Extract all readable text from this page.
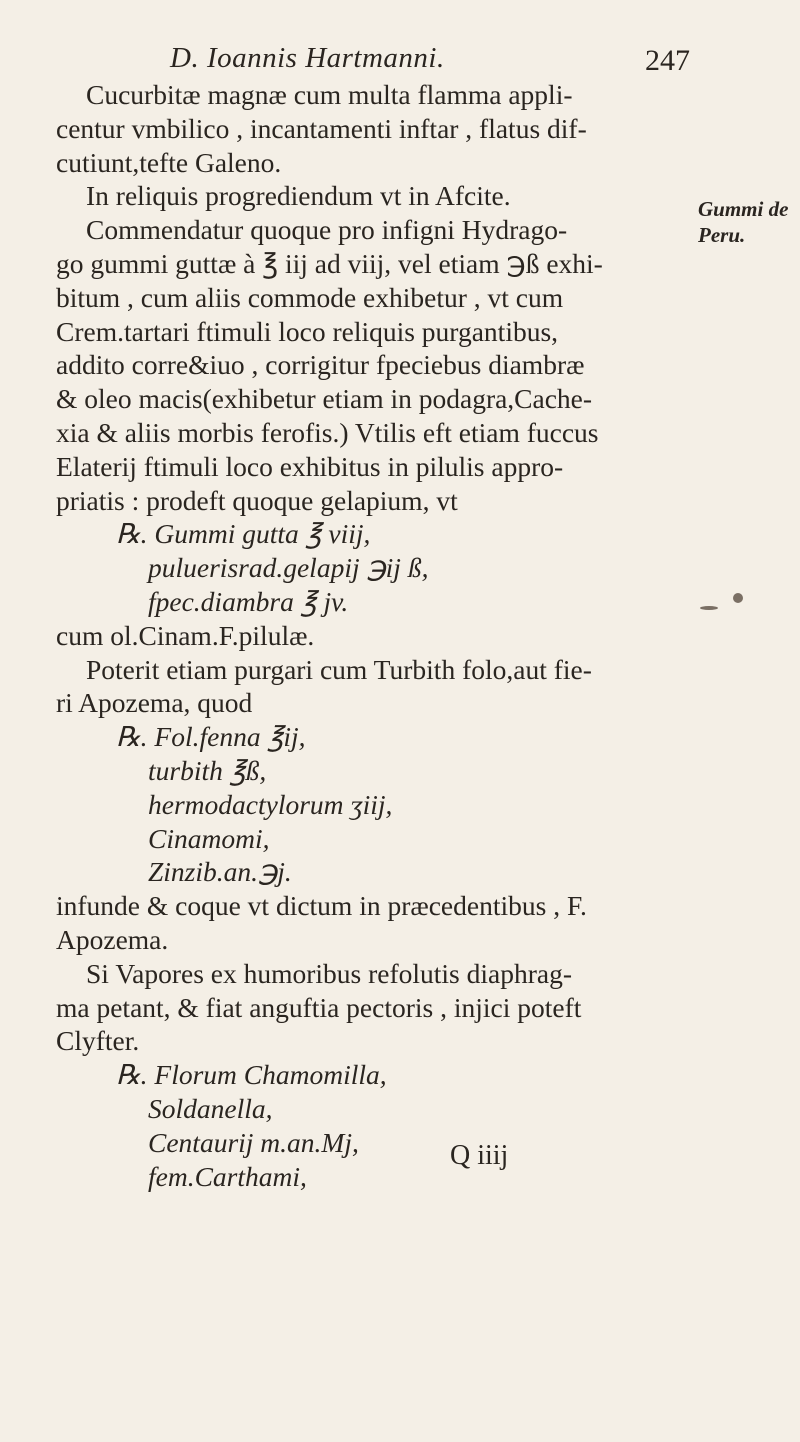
D. Ioannis Hartmanni.	247
Cucurbitæ magnæ cum multa flamma appli-
centur vmbilico , incantamenti inftar , flatus dif-
cutiunt,tefte Galeno.
In reliquis progrediendum vt in Afcite.
Commendatur quoque pro infigni Hydrago-
go gummi guttæ à ℥ iij ad viij, vel etiam ℈ß exhi-
bitum , cum aliis commode exhibetur , vt cum
Crem.tartari ftimuli loco reliquis purgantibus,
addito corre&iuo , corrigitur fpeciebus diambræ
& oleo macis(exhibetur etiam in podagra,Cache-
xia & aliis morbis ferofis.) Vtilis eft etiam fuccus
Elaterij ftimuli loco exhibitus in pilulis appro-
priatis : prodeft quoque gelapium, vt
℞. Gummi gutta ℥ viij,
puluerisrad.gelapij ℈ij ß,
fpec.diambra ℥ jv.
cum ol.Cinam.F.pilulæ.
Poterit etiam purgari cum Turbith folo,aut fie-
ri Apozema, quod
℞. Fol.fenna ℥ij,
turbith ℥ß,
hermodactylorum ʒiij,
Cinamomi,
Zinzib.an.℈j.
infunde & coque vt dictum in præcedentibus , F.
Apozema.
Si Vapores ex humoribus refolutis diaphrag-
ma petant, & fiat anguftia pectoris , injici poteft
Clyfter.
℞. Florum Chamomilla,
Soldanella,
Centaurij m.an.Mj,
fem.Carthami,
Gummi de Peru.
Q iiij
